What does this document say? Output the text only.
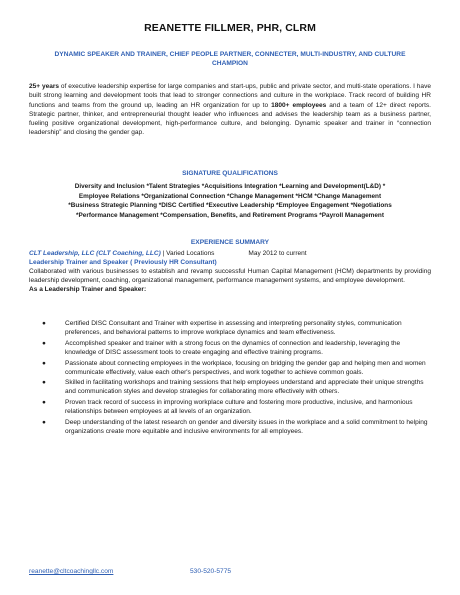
REANETTE FILLMER, PHR, CLRM
DYNAMIC SPEAKER AND TRAINER, CHIEF PEOPLE PARTNER, CONNECTER, MULTI-INDUSTRY, AND CULTURE CHAMPION
25+ years of executive leadership expertise for large companies and start-ups, public and private sector, and multi-state operations. I have built strong learning and development tools that lead to stronger connections and culture in the workplace. Track record of building HR functions and teams from the ground up, leading an HR organization for up to 1800+ employees and a team of 12+ direct reports. Strategic partner, thinker, and entrepreneurial thought leader who influences and advises the leadership team as a business partner, fueling positive organizational development, high-performance culture, and belonging. Dynamic speaker and trainer in “connection leadership” and closing the gender gap.
SIGNATURE QUALIFICATIONS
Diversity and Inclusion *Talent Strategies *Acquisitions Integration *Learning and Development(L&D) *
Employee Relations *Organizational Connection *Change Management *HCM *Change Management
*Business Strategic Planning *DISC Certified *Executive Leadership *Employee Engagement *Negotiations
*Performance Management *Compensation, Benefits, and Retirement Programs *Payroll Management
EXPERIENCE SUMMARY
CLT Leadership, LLC (CLT Coaching, LLC) | Varied Locations	May 2012 to current
Leadership Trainer and Speaker ( Previously HR Consultant)
Collaborated with various businesses to establish and revamp successful Human Capital Management (HCM) departments by providing leadership development, coaching, organizational management, performance management systems, and employee development.
As a Leadership Trainer and Speaker:
●	Certified DISC Consultant and Trainer with expertise in assessing and interpreting personality styles, communication preferences, and behavioral patterns to improve workplace dynamics and team effectiveness.
●	Accomplished speaker and trainer with a strong focus on the dynamics of connection and leadership, leveraging the knowledge of DISC assessment tools to create engaging and effective training programs.
●	Passionate about connecting employees in the workplace, focusing on bridging the gender gap and helping men and women communicate effectively, value each other's perspectives, and work together to achieve common goals.
●	Skilled in facilitating workshops and training sessions that help employees understand and appreciate their unique strengths and communication styles and develop strategies for collaborating more effectively with others.
●	Proven track record of success in improving workplace culture and fostering more productive, inclusive, and harmonious relationships between employees at all levels of an organization.
●	Deep understanding of the latest research on gender and diversity issues in the workplace and a solid commitment to helping organizations create more equitable and inclusive environments for all employees.
reanette@cltcoachingllc.com	530-520-5775
